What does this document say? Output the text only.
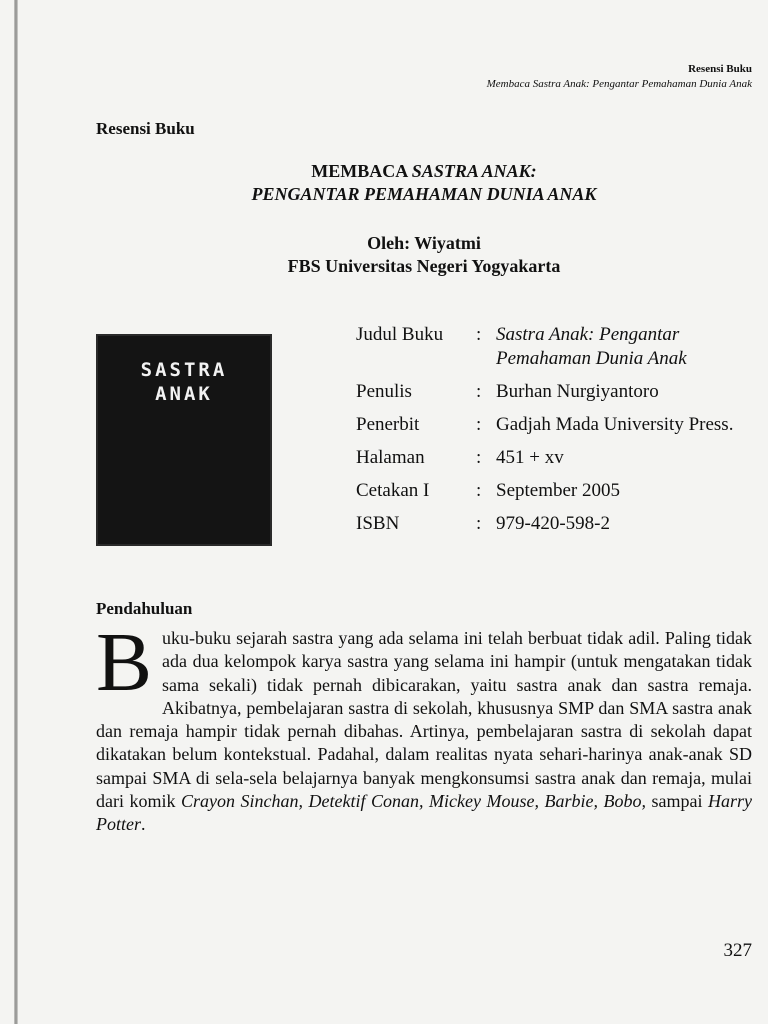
Resensi Buku
Membaca Sastra Anak: Pengantar Pemahaman Dunia Anak
Resensi Buku
MEMBACA SASTRA ANAK:
PENGANTAR PEMAHAMAN DUNIA ANAK
Oleh: Wiyatmi
FBS Universitas Negeri Yogyakarta
SASTRA
ANAK
Judul Buku	: Sastra Anak: Pengantar Pemahaman Dunia Anak
Penulis	: Burhan Nurgiyantoro
Penerbit	: Gadjah Mada University Press.
Halaman	: 451 + xv
Cetakan I	: September 2005
ISBN	: 979-420-598-2
Pendahuluan
Buku-buku sejarah sastra yang ada selama ini telah berbuat tidak adil. Paling tidak ada dua kelompok karya sastra yang selama ini hampir (untuk mengatakan tidak sama sekali) tidak pernah dibicarakan, yaitu sastra anak dan sastra remaja. Akibatnya, pembelajaran sastra di sekolah, khususnya SMP dan SMA sastra anak dan remaja hampir tidak pernah dibahas. Artinya, pembelajaran sastra di sekolah dapat dikatakan belum kontekstual. Padahal, dalam realitas nyata sehari-harinya anak-anak SD sampai SMA di sela-sela belajarnya banyak mengkonsumsi sastra anak dan remaja, mulai dari komik Crayon Sinchan, Detektif Conan, Mickey Mouse, Barbie, Bobo, sampai Harry Potter.
327
